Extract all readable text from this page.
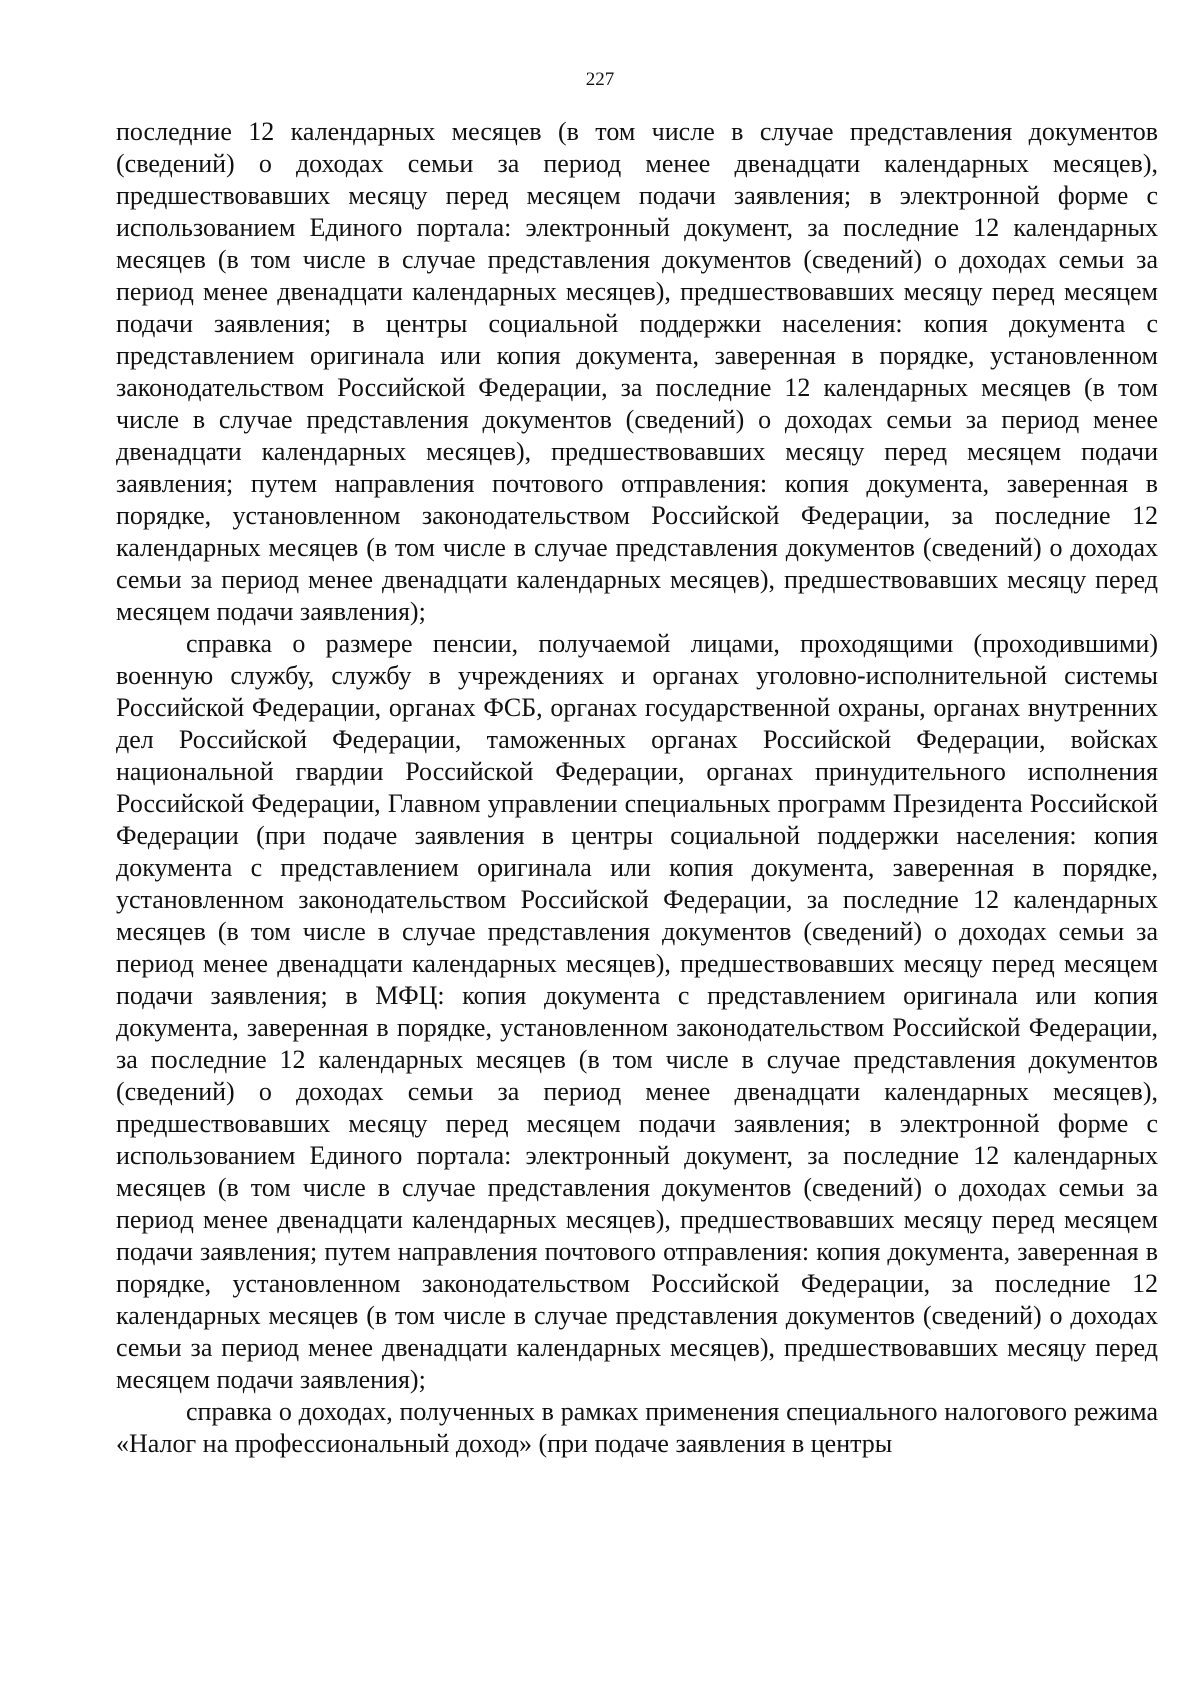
227

последние 12 календарных месяцев (в том числе в случае представления документов (сведений) о доходах семьи за период менее двенадцати календарных месяцев), предшествовавших месяцу перед месяцем подачи заявления; в электронной форме с использованием Единого портала: электронный документ, за последние 12 календарных месяцев (в том числе в случае представления документов (сведений) о доходах семьи за период менее двенадцати календарных месяцев), предшествовавших месяцу перед месяцем подачи заявления; в центры социальной поддержки населения: копия документа с представлением оригинала или копия документа, заверенная в порядке, установленном законодательством Российской Федерации, за последние 12 календарных месяцев (в том числе в случае представления документов (сведений) о доходах семьи за период менее двенадцати календарных месяцев), предшествовавших месяцу перед месяцем подачи заявления; путем направления почтового отправления: копия документа, заверенная в порядке, установленном законодательством Российской Федерации, за последние 12 календарных месяцев (в том числе в случае представления документов (сведений) о доходах семьи за период менее двенадцати календарных месяцев), предшествовавших месяцу перед месяцем подачи заявления);

справка о размере пенсии, получаемой лицами, проходящими (проходившими) военную службу, службу в учреждениях и органах уголовно-исполнительной системы Российской Федерации, органах ФСБ, органах государственной охраны, органах внутренних дел Российской Федерации, таможенных органах Российской Федерации, войсках национальной гвардии Российской Федерации, органах принудительного исполнения Российской Федерации, Главном управлении специальных программ Президента Российской Федерации (при подаче заявления в центры социальной поддержки населения: копия документа с представлением оригинала или копия документа, заверенная в порядке, установленном законодательством Российской Федерации, за последние 12 календарных месяцев (в том числе в случае представления документов (сведений) о доходах семьи за период менее двенадцати календарных месяцев), предшествовавших месяцу перед месяцем подачи заявления; в МФЦ: копия документа с представлением оригинала или копия документа, заверенная в порядке, установленном законодательством Российской Федерации, за последние 12 календарных месяцев (в том числе в случае представления документов (сведений) о доходах семьи за период менее двенадцати календарных месяцев), предшествовавших месяцу перед месяцем подачи заявления; в электронной форме с использованием Единого портала: электронный документ, за последние 12 календарных месяцев (в том числе в случае представления документов (сведений) о доходах семьи за период менее двенадцати календарных месяцев), предшествовавших месяцу перед месяцем подачи заявления; путем направления почтового отправления: копия документа, заверенная в порядке, установленном законодательством Российской Федерации, за последние 12 календарных месяцев (в том числе в случае представления документов (сведений) о доходах семьи за период менее двенадцати календарных месяцев), предшествовавших месяцу перед месяцем подачи заявления);

справка о доходах, полученных в рамках применения специального налогового режима «Налог на профессиональный доход» (при подаче заявления в центры
